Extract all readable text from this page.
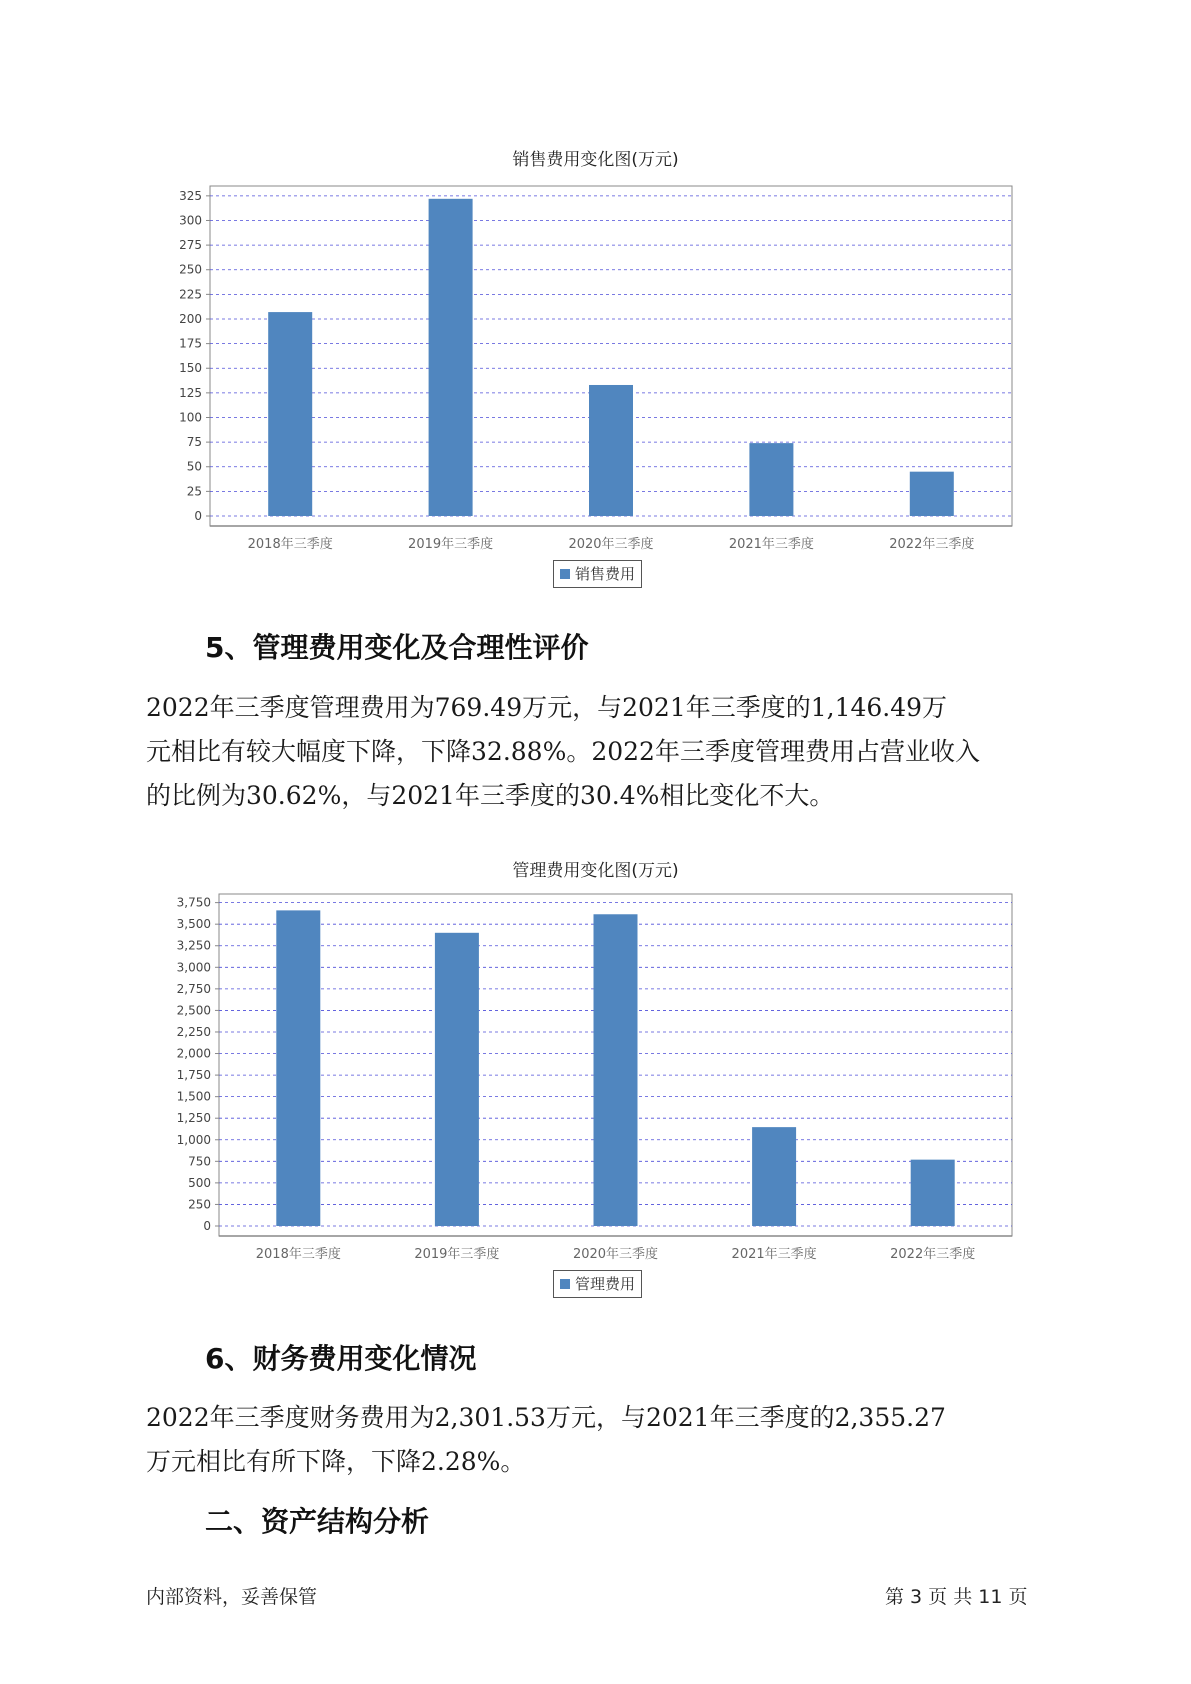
销售费用变化图(万元)
0
25
50
75
100
125
150
175
200
225
250
275
300
325
2018年三季度	2019年三季度	2020年三季度	2021年三季度	2022年三季度
销售费用
5、管理费用变化及合理性评价

2022年三季度管理费用为769.49万元，与2021年三季度的1,146.49万
元相比有较大幅度下降，下降32.88%。2022年三季度管理费用占营业收入
的比例为30.62%，与2021年三季度的30.4%相比变化不大。

管理费用变化图(万元)
0
250
500
750
1,000
1,250
1,500
1,750
2,000
2,250
2,500
2,750
3,000
3,250
3,500
3,750
2018年三季度	2019年三季度	2020年三季度	2021年三季度	2022年三季度
管理费用
6、财务费用变化情况

2022年三季度财务费用为2,301.53万元，与2021年三季度的2,355.27
万元相比有所下降，下降2.28%。

二、资产结构分析
内部资料，妥善保管	第 3 页 共 11 页
